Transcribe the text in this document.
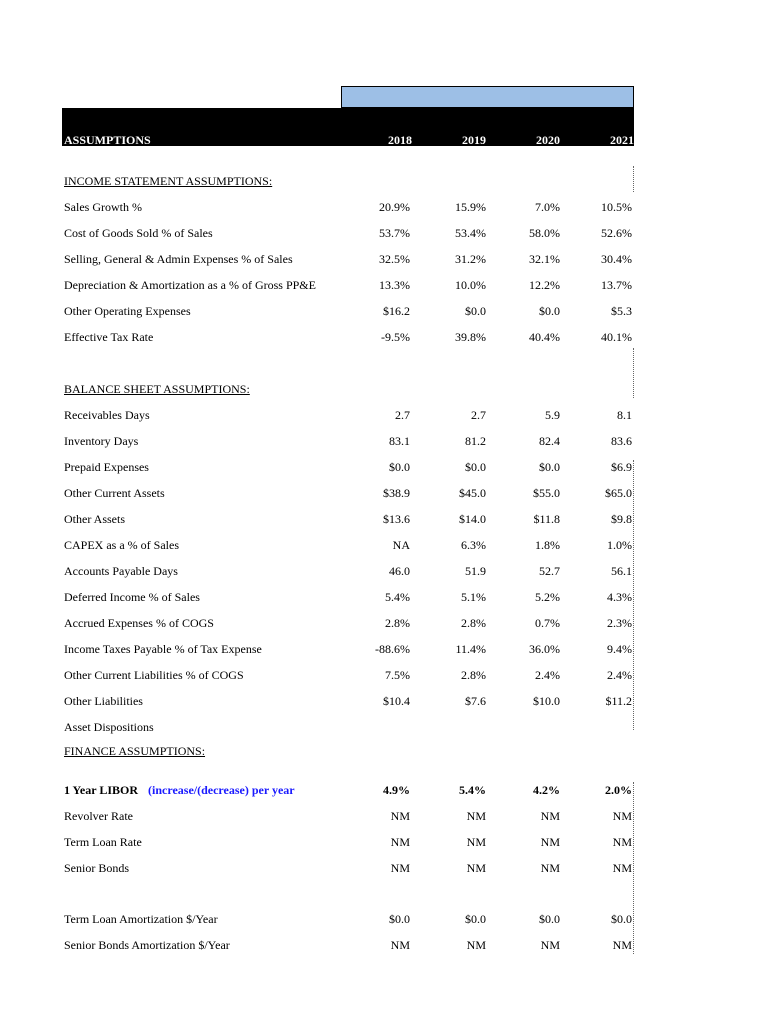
ASSUMPTIONS	2018	2019	2020	2021
INCOME STATEMENT ASSUMPTIONS:
Sales Growth %	20.9%	15.9%	7.0%	10.5%
Cost of Goods Sold % of Sales	53.7%	53.4%	58.0%	52.6%
Selling, General & Admin Expenses % of Sales	32.5%	31.2%	32.1%	30.4%
Depreciation & Amortization as a % of Gross PP&E	13.3%	10.0%	12.2%	13.7%
Other Operating Expenses	$16.2	$0.0	$0.0	$5.3
Effective Tax Rate	-9.5%	39.8%	40.4%	40.1%
BALANCE SHEET ASSUMPTIONS:
Receivables Days	2.7	2.7	5.9	8.1
Inventory Days	83.1	81.2	82.4	83.6
Prepaid Expenses	$0.0	$0.0	$0.0	$6.9
Other Current Assets	$38.9	$45.0	$55.0	$65.0
Other Assets	$13.6	$14.0	$11.8	$9.8
CAPEX as a % of Sales	NA	6.3%	1.8%	1.0%
Accounts Payable Days	46.0	51.9	52.7	56.1
Deferred Income % of Sales	5.4%	5.1%	5.2%	4.3%
Accrued Expenses % of COGS	2.8%	2.8%	0.7%	2.3%
Income Taxes Payable % of Tax Expense	-88.6%	11.4%	36.0%	9.4%
Other Current Liabilities % of COGS	7.5%	2.8%	2.4%	2.4%
Other Liabilities	$10.4	$7.6	$10.0	$11.2
Asset Dispositions
FINANCE ASSUMPTIONS:
1 Year LIBOR (increase/(decrease) per year	4.9%	5.4%	4.2%	2.0%
Revolver Rate	NM	NM	NM	NM
Term Loan Rate	NM	NM	NM	NM
Senior Bonds	NM	NM	NM	NM
Term Loan Amortization $/Year	$0.0	$0.0	$0.0	$0.0
Senior Bonds Amortization $/Year	NM	NM	NM	NM
